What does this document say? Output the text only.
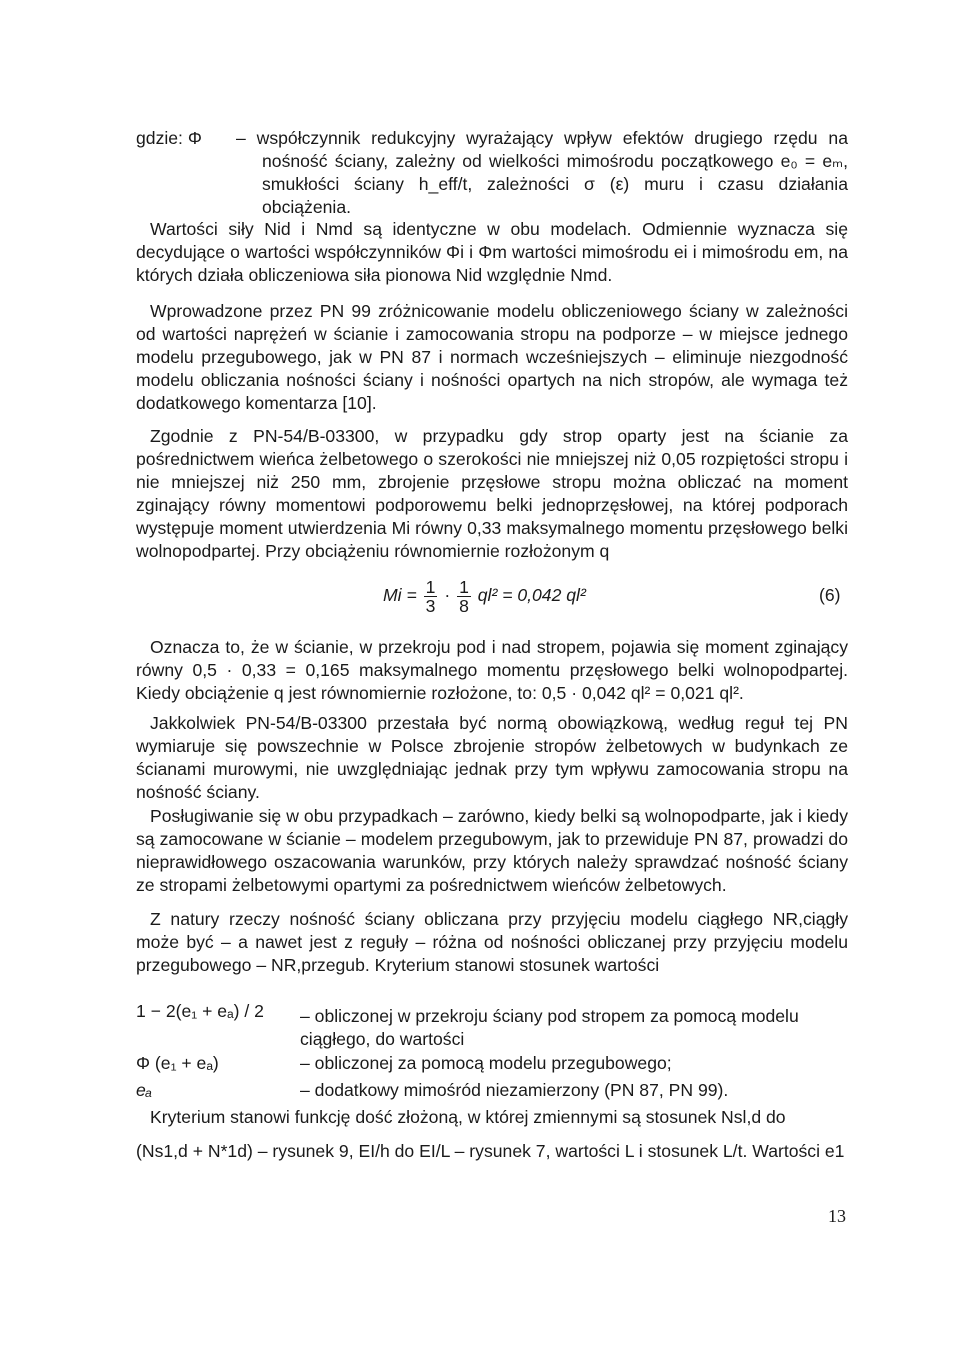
gdzie: Φ – współczynnik redukcyjny wyrażający wpływ efektów drugiego rzędu na nośność ściany, zależny od wielkości mimośrodu początkowego e₀ = eₘ, smukłości ściany h_eff/t, zależności σ (ε) muru i czasu działania obciążenia.
Wartości siły Nid i Nmd są identyczne w obu modelach. Odmiennie wyznacza się decydujące o wartości współczynników Φi i Φm wartości mimośrodu ei i mimośrodu em, na których działa obliczeniowa siła pionowa Nid względnie Nmd.
Wprowadzone przez PN 99 zróżnicowanie modelu obliczeniowego ściany w zależności od wartości naprężeń w ścianie i zamocowania stropu na podporze – w miejsce jednego modelu przegubowego, jak w PN 87 i normach wcześniejszych – eliminuje niezgodność modelu obliczania nośności ściany i nośności opartych na nich stropów, ale wymaga też dodatkowego komentarza [10].
Zgodnie z PN-54/B-03300, w przypadku gdy strop oparty jest na ścianie za pośrednictwem wieńca żelbetowego o szerokości nie mniejszej niż 0,05 rozpiętości stropu i nie mniejszej niż 250 mm, zbrojenie przęsłowe stropu można obliczać na moment zginający równy momentowi podporowemu belki jednoprzęsłowej, na której podporach występuje moment utwierdzenia Mi równy 0,33 maksymalnego momentu przęsłowego belki wolnopodpartej. Przy obciążeniu równomiernie rozłożonym q
$Mi = \frac{1}{3} \cdot \frac{1}{8} ql^2 = 0,042$ ql²	(6)
Oznacza to, że w ścianie, w przekroju pod i nad stropem, pojawia się moment zginający równy 0,5 · 0,33 = 0,165 maksymalnego momentu przęsłowego belki wolnopodpartej. Kiedy obciążenie q jest równomiernie rozłożone, to: 0,5 · 0,042 ql² = 0,021 ql².
Jakkolwiek PN-54/B-03300 przestała być normą obowiązkową, według reguł tej PN wymiaruje się powszechnie w Polsce zbrojenie stropów żelbetowych w budynkach ze ścianami murowymi, nie uwzględniając jednak przy tym wpływu zamocowania stropu na nośność ściany.
Posługiwanie się w obu przypadkach – zarówno, kiedy belki są wolnopodparte, jak i kiedy są zamocowane w ścianie – modelem przegubowym, jak to przewiduje PN 87, prowadzi do nieprawidłowego oszacowania warunków, przy których należy sprawdzać nośność ściany ze stropami żelbetowymi opartymi za pośrednictwem wieńców żelbetowych.
Z natury rzeczy nośność ściany obliczana przy przyjęciu modelu ciągłego NR,ciągły może być – a nawet jest z reguły – różna od nośności obliczanej przy przyjęciu modelu przegubowego – NR,przegub. Kryterium stanowi stosunek wartości
1 − 2(e₁ + eₐ) / 2	– obliczonej w przekroju ściany pod stropem za pomocą modelu ciągłego, do wartości
Φ (e₁ + eₐ)	– obliczonej za pomocą modelu przegubowego;
eₐ	– dodatkowy mimośród niezamierzony (PN 87, PN 99).
Kryterium stanowi funkcję dość złożoną, w której zmiennymi są stosunek Nsl,d do
(Ns1,d + N*1d) – rysunek 9, EI/h do EI/L – rysunek 7, wartości L i stosunek L/t. Wartości e1
13
